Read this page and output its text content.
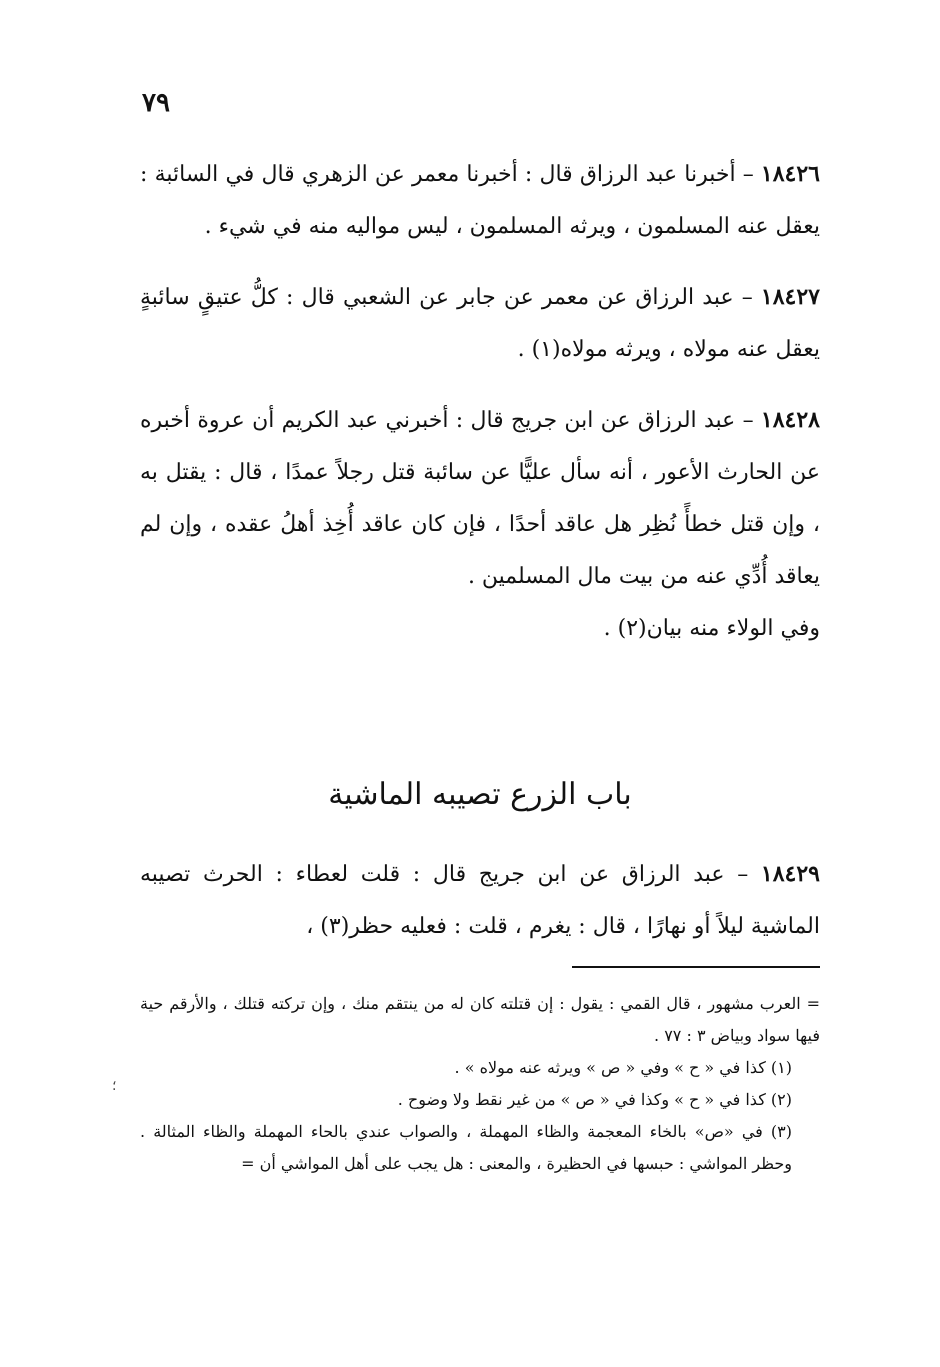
٧٩

١٨٤٢٦ – أخبرنا عبد الرزاق قال : أخبرنا معمر عن الزهري قال في السائبة : يعقل عنه المسلمون ، ويرثه المسلمون ، ليس مواليه منه في شيء .

١٨٤٢٧ – عبد الرزاق عن معمر عن جابر عن الشعبي قال : كلُّ عتيقٍ سائبةٍ يعقل عنه مولاه ، ويرثه مولاه(١) .

١٨٤٢٨ – عبد الرزاق عن ابن جريج قال : أخبرني عبد الكريم أن عروة أخبره عن الحارث الأعور ، أنه سأل عليًّا عن سائبة قتل رجلاً عمدًا ، قال : يقتل به ، وإن قتل خطأً نُظِر هل عاقد أحدًا ، فإن كان عاقد أُخِذ أهلُ عقده ، وإن لم يعاقد أُدِّي عنه من بيت مال المسلمين .

وفي الولاء منه بيان(٢) .

باب الزرع تصيبه الماشية

١٨٤٢٩ – عبد الرزاق عن ابن جريج قال : قلت لعطاء : الحرث تصيبه الماشية ليلاً أو نهارًا ، قال : يغرم ، قلت : فعليه حظر(٣) ،

= العرب مشهور ، قال القمي : يقول : إن قتلته كان له من ينتقم منك ، وإن تركته قتلك ، والأرقم حية فيها سواد وبياض ٣ : ٧٧ .

(١) كذا في « ح » وفي « ص » ويرثه عنه مولاه » .

(٢) كذا في « ح » وكذا في « ص » من غير نقط ولا وضوح .

(٣) في «ص» بالخاء المعجمة والظاء المهملة ، والصواب عندي بالحاء المهملة والظاء المثالة . وحظر المواشي : حبسها في الحظيرة ، والمعنى : هل يجب على أهل المواشي أن =

؛
